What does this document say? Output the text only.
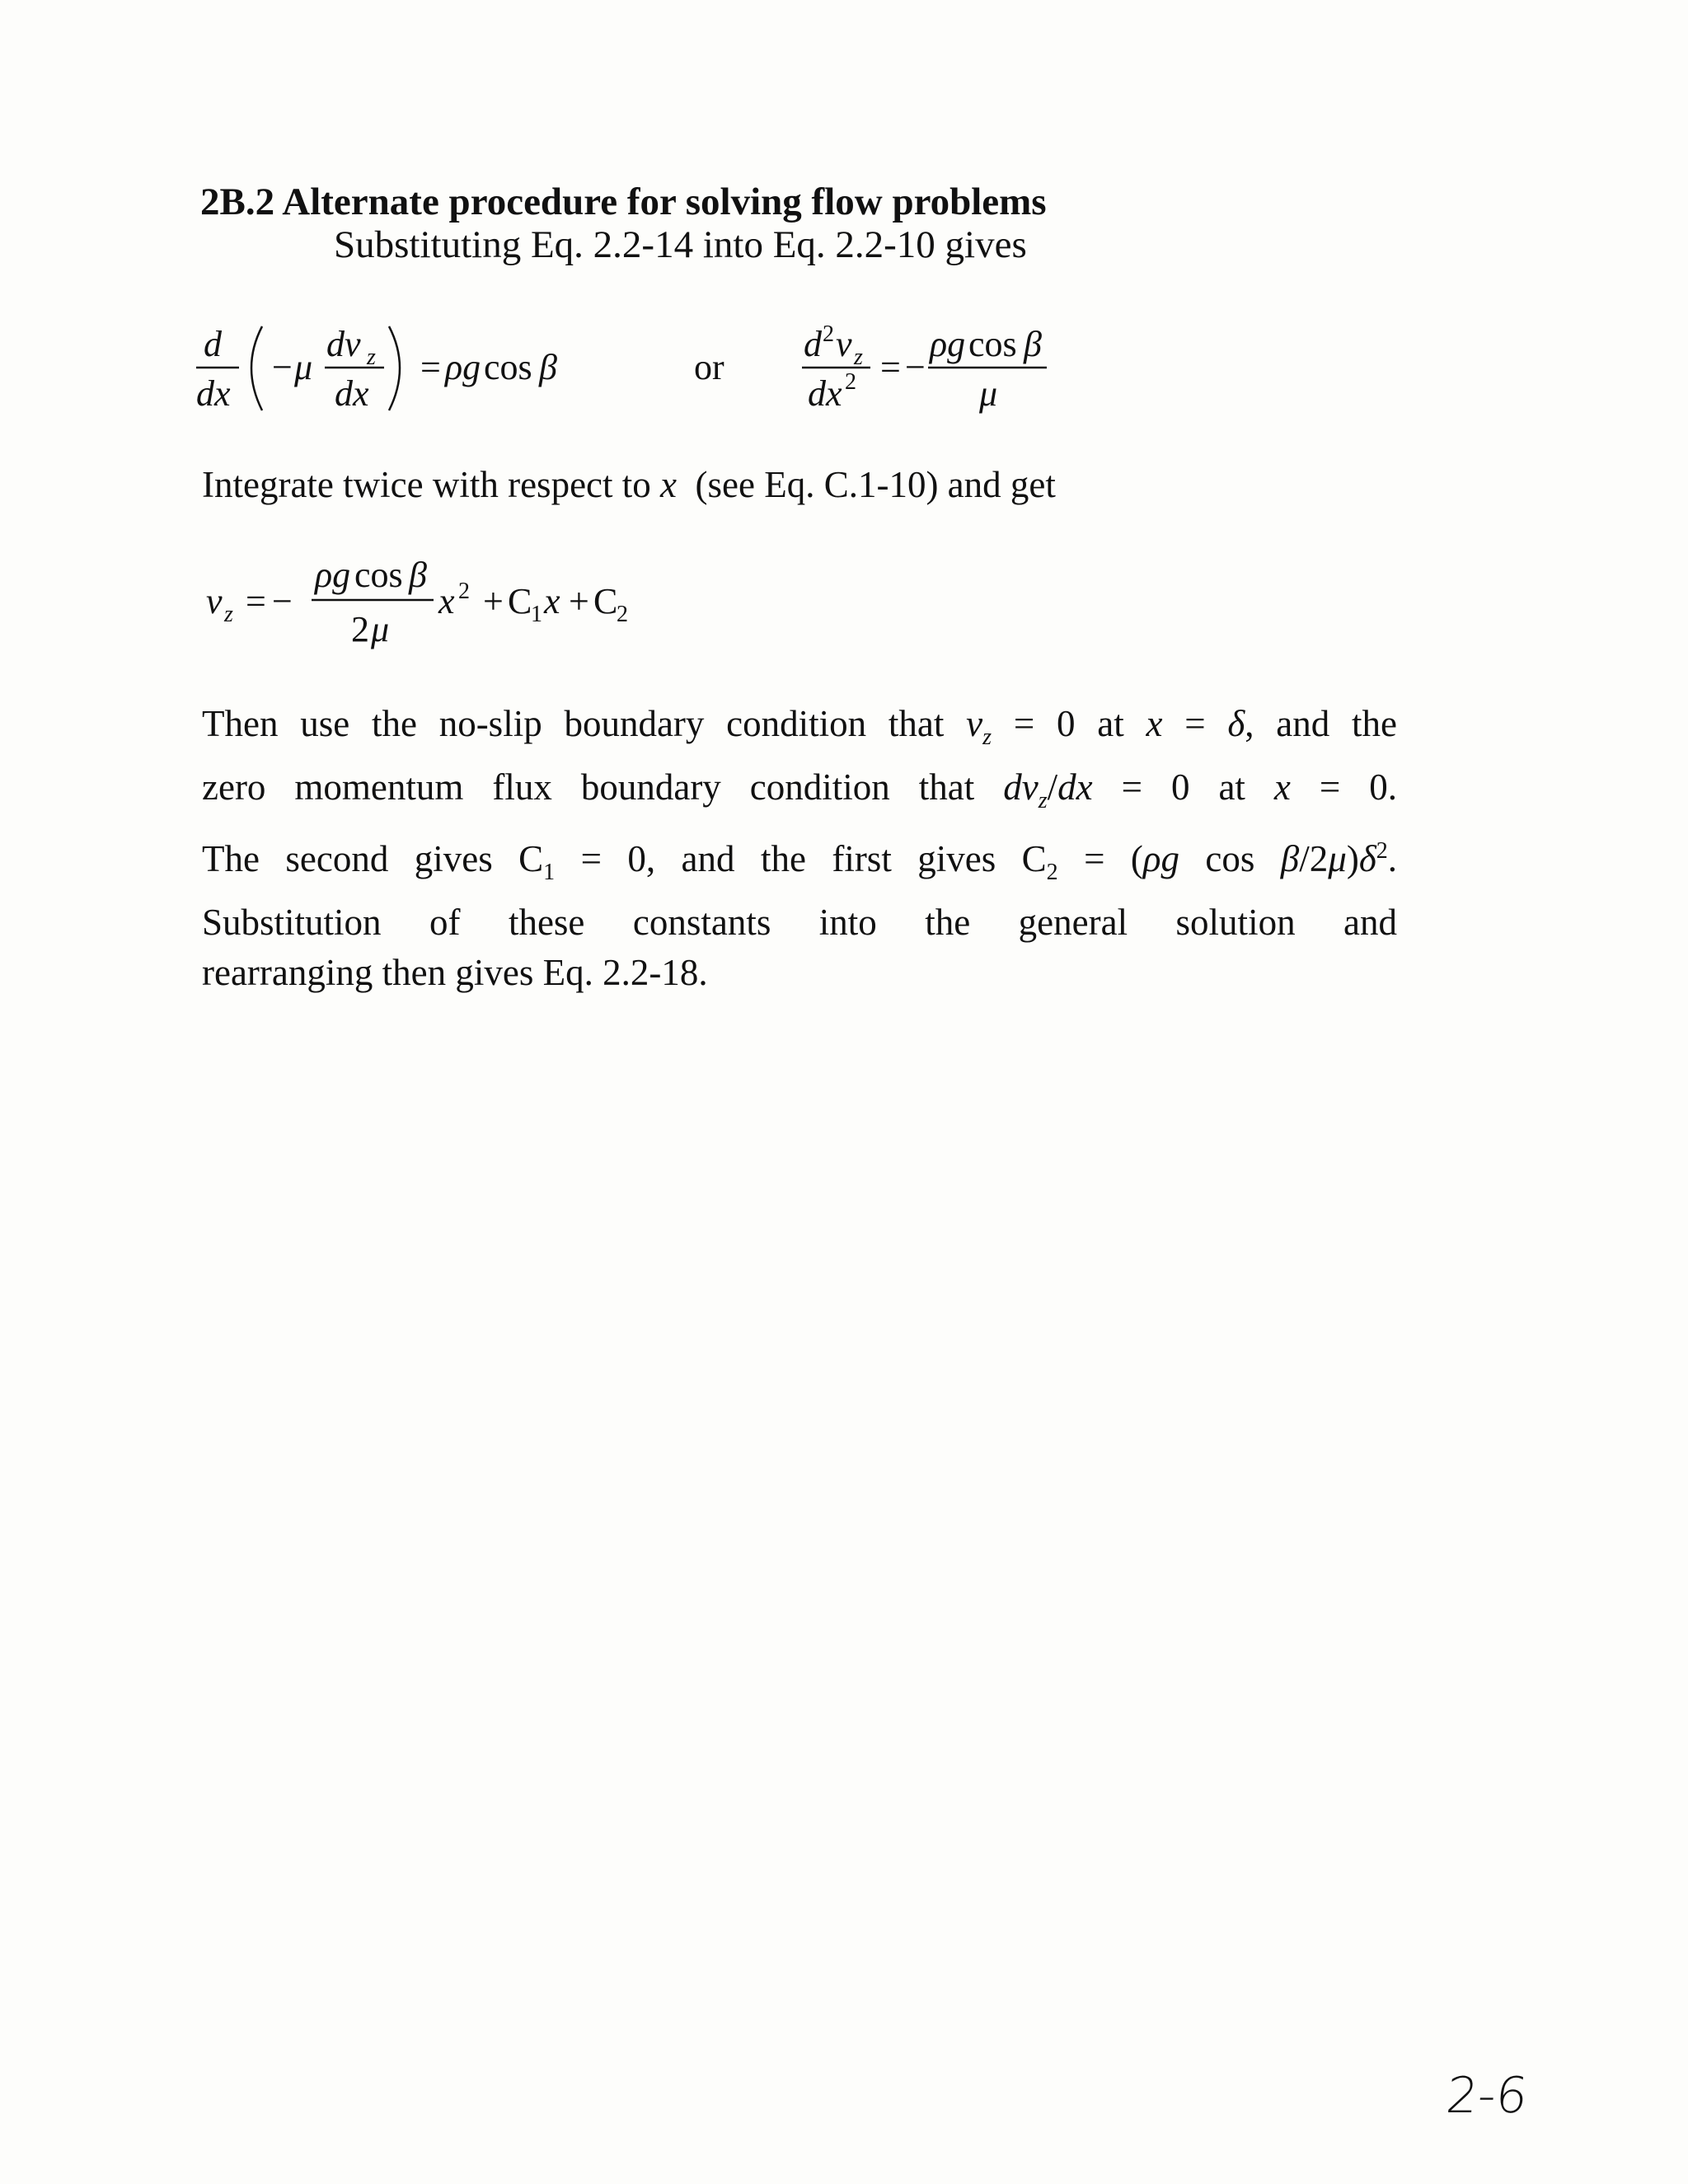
2B.2 Alternate procedure for solving flow problems
Substituting Eq. 2.2-14 into Eq. 2.2-10 gives
d
dx
− μ
dv z
dx
= ρg cos β	or
d 2 v z
dx 2 = −
ρg cos β
μ
Integrate twice with respect to x (see Eq. C.1-10) and get
v z = −
ρg cos β
2 μ
x 2 + C
1 x + C
2
Then use the no-slip boundary condition that $v_z = 0$ at x = δ, and the
zero momentum flux boundary condition that $dv_z/dx = 0$ at x = 0.
The second gives $C_1 = 0$, and the first gives $C_2 = (\rho g$ $\cos \beta/2\mu)\delta^2$.
Substitution of these constants into the general solution and
rearranging then gives Eq. 2.2-18.
2-6
